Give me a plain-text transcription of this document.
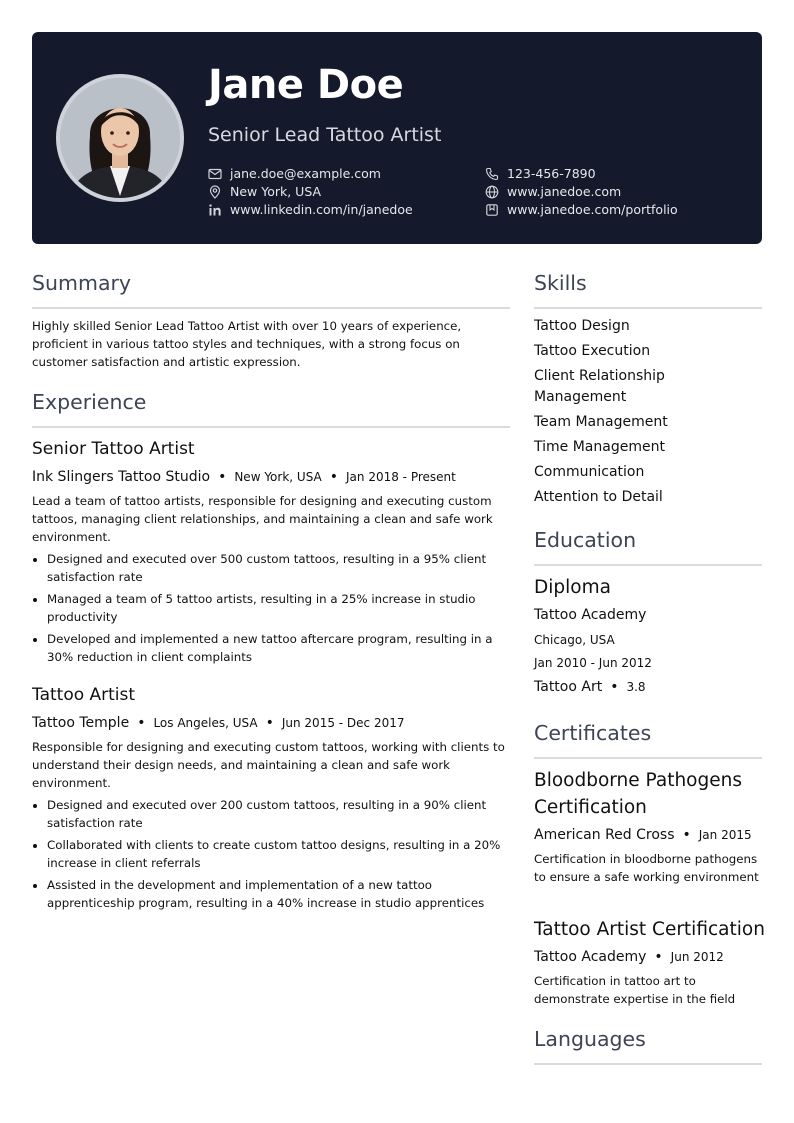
Jane Doe
Senior Lead Tattoo Artist
jane.doe@example.com	123-456-7890
New York, USA	www.janedoe.com
www.linkedin.com/in/janedoe	www.janedoe.com/portfolio
Summary
Highly skilled Senior Lead Tattoo Artist with over 10 years of experience, proficient in various tattoo styles and techniques, with a strong focus on customer satisfaction and artistic expression.
Experience
Senior Tattoo Artist
Ink Slingers Tattoo Studio • New York, USA • Jan 2018 - Present
Lead a team of tattoo artists, responsible for designing and executing custom tattoos, managing client relationships, and maintaining a clean and safe work environment.
Designed and executed over 500 custom tattoos, resulting in a 95% client satisfaction rate
Managed a team of 5 tattoo artists, resulting in a 25% increase in studio productivity
Developed and implemented a new tattoo aftercare program, resulting in a 30% reduction in client complaints
Tattoo Artist
Tattoo Temple • Los Angeles, USA • Jun 2015 - Dec 2017
Responsible for designing and executing custom tattoos, working with clients to understand their design needs, and maintaining a clean and safe work environment.
Designed and executed over 200 custom tattoos, resulting in a 90% client satisfaction rate
Collaborated with clients to create custom tattoo designs, resulting in a 20% increase in client referrals
Assisted in the development and implementation of a new tattoo apprenticeship program, resulting in a 40% increase in studio apprentices
Skills
Tattoo Design
Tattoo Execution
Client Relationship Management
Team Management
Time Management
Communication
Attention to Detail
Education
Diploma
Tattoo Academy
Chicago, USA
Jan 2010 - Jun 2012
Tattoo Art • 3.8
Certificates
Bloodborne Pathogens Certification
American Red Cross • Jan 2015
Certification in bloodborne pathogens to ensure a safe working environment
Tattoo Artist Certification
Tattoo Academy • Jun 2012
Certification in tattoo art to demonstrate expertise in the field
Languages
